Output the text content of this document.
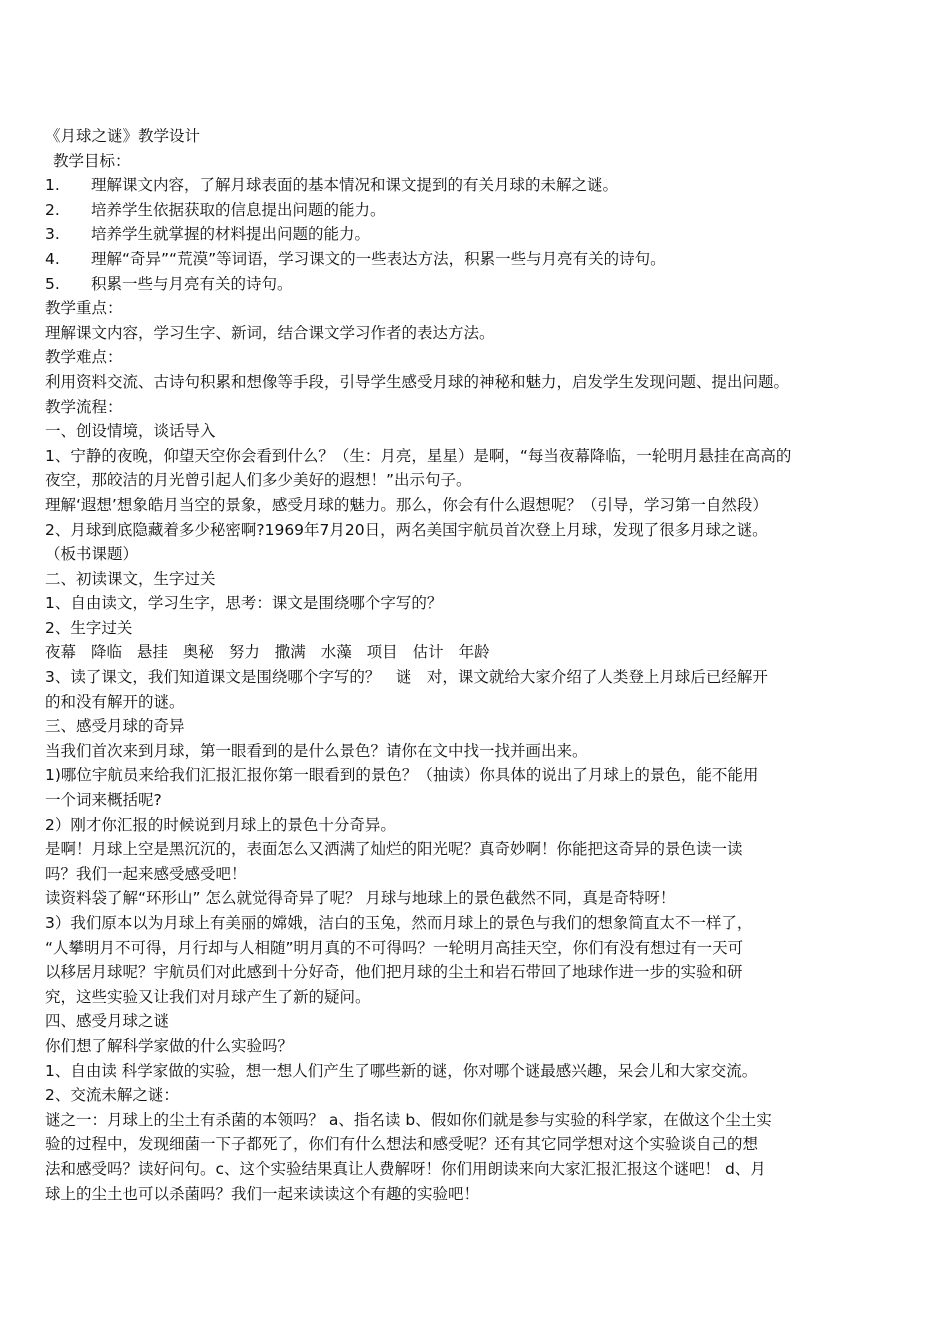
《月球之谜》教学设计
教学目标：
1. 理解课文内容，了解月球表面的基本情况和课文提到的有关月球的未解之谜。
2. 培养学生依据获取的信息提出问题的能力。
3. 培养学生就掌握的材料提出问题的能力。
4. 理解“奇异”“荒漠”等词语，学习课文的一些表达方法，积累一些与月亮有关的诗句。
5. 积累一些与月亮有关的诗句。
教学重点：
理解课文内容，学习生字、新词，结合课文学习作者的表达方法。
教学难点：
利用资料交流、古诗句积累和想像等手段，引导学生感受月球的神秘和魅力，启发学生发现问题、提出问题。
教学流程：
一、创设情境，谈话导入
1、宁静的夜晚，仰望天空你会看到什么？（生：月亮，星星）是啊，“每当夜幕降临，一轮明月悬挂在高高的
夜空，那皎洁的月光曾引起人们多少美好的遐想！”出示句子。
理解‘遐想’想象皓月当空的景象，感受月球的魅力。那么，你会有什么遐想呢？（引导，学习第一自然段）
2、月球到底隐藏着多少秘密啊?1969年7月20日，两名美国宇航员首次登上月球，发现了很多月球之谜。
（板书课题）
二、初读课文，生字过关
1、自由读文，学习生字，思考：课文是围绕哪个字写的？
2、生字过关
夜幕 降临 悬挂 奥秘 努力 撒满 水藻 项目 估计 年龄
3、读了课文，我们知道课文是围绕哪个字写的？　谜　对，课文就给大家介绍了人类登上月球后已经解开
的和没有解开的谜。
三、感受月球的奇异
当我们首次来到月球，第一眼看到的是什么景色？请你在文中找一找并画出来。
1)哪位宇航员来给我们汇报汇报你第一眼看到的景色？（抽读）你具体的说出了月球上的景色，能不能用
一个词来概括呢?
2）刚才你汇报的时候说到月球上的景色十分奇异。
是啊！月球上空是黑沉沉的，表面怎么又洒满了灿烂的阳光呢？真奇妙啊！你能把这奇异的景色读一读
吗？我们一起来感受感受吧！
读资料袋了解“环形山” 怎么就觉得奇异了呢？ 月球与地球上的景色截然不同，真是奇特呀！
3）我们原本以为月球上有美丽的嫦娥，洁白的玉兔，然而月球上的景色与我们的想象简直太不一样了，
“人攀明月不可得，月行却与人相随”明月真的不可得吗？一轮明月高挂天空，你们有没有想过有一天可
以移居月球呢？宇航员们对此感到十分好奇，他们把月球的尘土和岩石带回了地球作进一步的实验和研
究，这些实验又让我们对月球产生了新的疑问。
四、感受月球之谜
你们想了解科学家做的什么实验吗？
1、自由读 科学家做的实验，想一想人们产生了哪些新的谜，你对哪个谜最感兴趣，呆会儿和大家交流。
2、交流未解之谜：
谜之一：月球上的尘土有杀菌的本领吗？ a、指名读 b、假如你们就是参与实验的科学家，在做这个尘土实
验的过程中，发现细菌一下子都死了，你们有什么想法和感受呢？还有其它同学想对这个实验谈自己的想
法和感受吗？读好问句。c、这个实验结果真让人费解呀！你们用朗读来向大家汇报汇报这个谜吧！ d、月
球上的尘土也可以杀菌吗？我们一起来读读这个有趣的实验吧！
